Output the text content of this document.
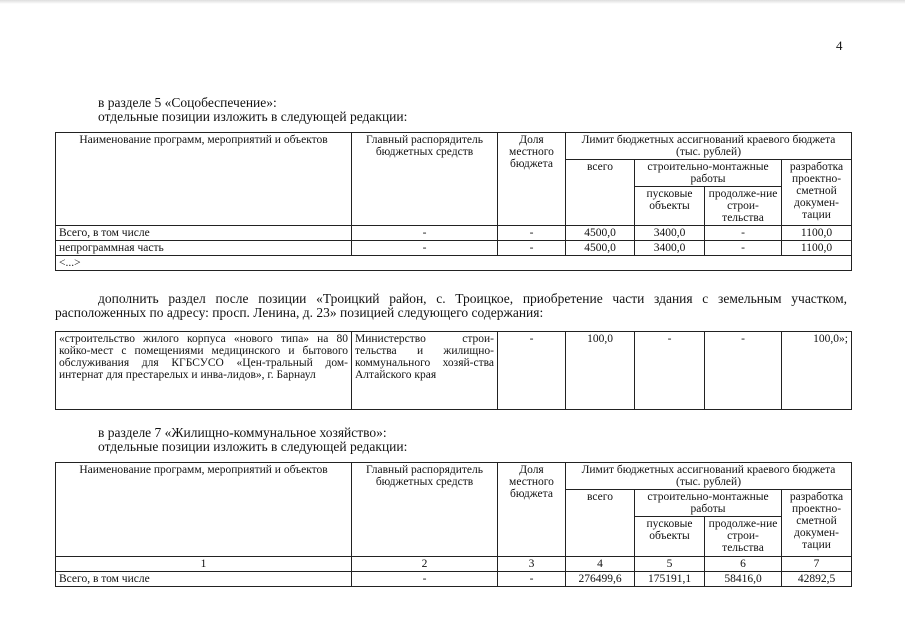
4
в разделе 5 «Соцобеспечение»:
отдельные позиции изложить в следующей редакции:
Наименование программ, мероприятий и объектов	Главный распорядитель бюджетных средств	Доля местного бюджета	Лимит бюджетных ассигнований краевого бюджета (тыс. рублей)			
			всего	строительно-монтажные работы		разработка проектно-сметной докумен-тации
				пусковые объекты	продолже-ние строи-тельства	
Всего, в том числе	-	-	4500,0	3400,0	-	1100,0
непрограммная часть	-	-	4500,0	3400,0	-	1100,0
<...>						
дополнить раздел после позиции «Троицкий район, с. Троицкое, приобретение части здания с земельным участком, расположенных по адресу: просп. Ленина, д. 23» позицией следующего содержания:
«строительство жилого корпуса «нового типа» на 80 койко-мест с помещениями медицинского и бытового обслуживания для КГБСУСО «Цен-тральный дом-интернат для престарелых и инва-лидов», г. Барнаул	Министерство строи-тельства и жилищно-коммунального хозяй-ства Алтайского края	-	100,0	-	-	100,0»;
в разделе 7 «Жилищно-коммунальное хозяйство»:
отдельные позиции изложить в следующей редакции:
Наименование программ, мероприятий и объектов	Главный распорядитель бюджетных средств	Доля местного бюджета	Лимит бюджетных ассигнований краевого бюджета (тыс. рублей)			
			всего	строительно-монтажные работы		разработка проектно-сметной докумен-тации
				пусковые объекты	продолже-ние строи-тельства	
1	2	3	4	5	6	7
Всего, в том числе	-	-	276499,6	175191,1	58416,0	42892,5
